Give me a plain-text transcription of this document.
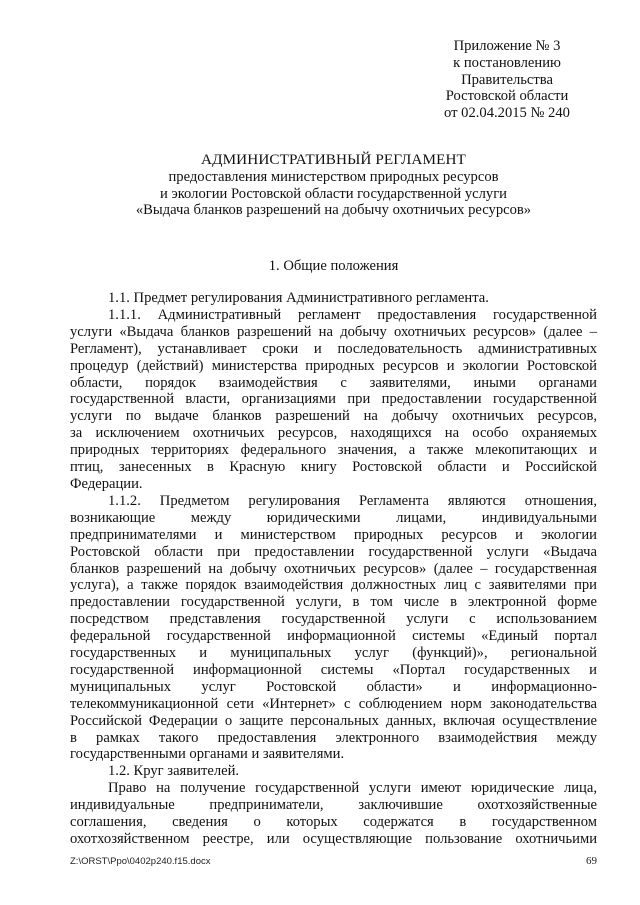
Приложение № 3
к постановлению
Правительства
Ростовской области
от 02.04.2015 № 240
АДМИНИСТРАТИВНЫЙ РЕГЛАМЕНТ
предоставления министерством природных ресурсов
и экологии Ростовской области государственной услуги
«Выдача бланков разрешений на добычу охотничьих ресурсов»
1. Общие положения
1.1. Предмет регулирования Административного регламента.
1.1.1. Административный регламент предоставления государственной
услуги «Выдача бланков разрешений на добычу охотничьих ресурсов» (далее –
Регламент), устанавливает сроки и последовательность административных
процедур (действий) министерства природных ресурсов и экологии Ростовской
области, порядок взаимодействия с заявителями, иными органами
государственной власти, организациями при предоставлении государственной
услуги по выдаче бланков разрешений на добычу охотничьих ресурсов,
за исключением охотничьих ресурсов, находящихся на особо охраняемых
природных территориях федерального значения, а также млекопитающих и
птиц, занесенных в Красную книгу Ростовской области и Российской
Федерации.
1.1.2. Предметом регулирования Регламента являются отношения,
возникающие между юридическими лицами, индивидуальными
предпринимателями и министерством природных ресурсов и экологии
Ростовской области при предоставлении государственной услуги «Выдача
бланков разрешений на добычу охотничьих ресурсов» (далее – государственная
услуга), а также порядок взаимодействия должностных лиц с заявителями при
предоставлении государственной услуги, в том числе в электронной форме
посредством представления государственной услуги с использованием
федеральной государственной информационной системы «Единый портал
государственных и муниципальных услуг (функций)», региональной
государственной информационной системы «Портал государственных и
муниципальных услуг Ростовской области» и информационно-
телекоммуникационной сети «Интернет» с соблюдением норм законодательства
Российской Федерации о защите персональных данных, включая осуществление
в рамках такого предоставления электронного взаимодействия между
государственными органами и заявителями.
1.2. Круг заявителей.
Право на получение государственной услуги имеют юридические лица,
индивидуальные предприниматели, заключившие охотхозяйственные
соглашения, сведения о которых содержатся в государственном
охотхозяйственном реестре, или осуществляющие пользование охотничьими
Z:\ORST\Ppo\0402p240.f15.docx	69
